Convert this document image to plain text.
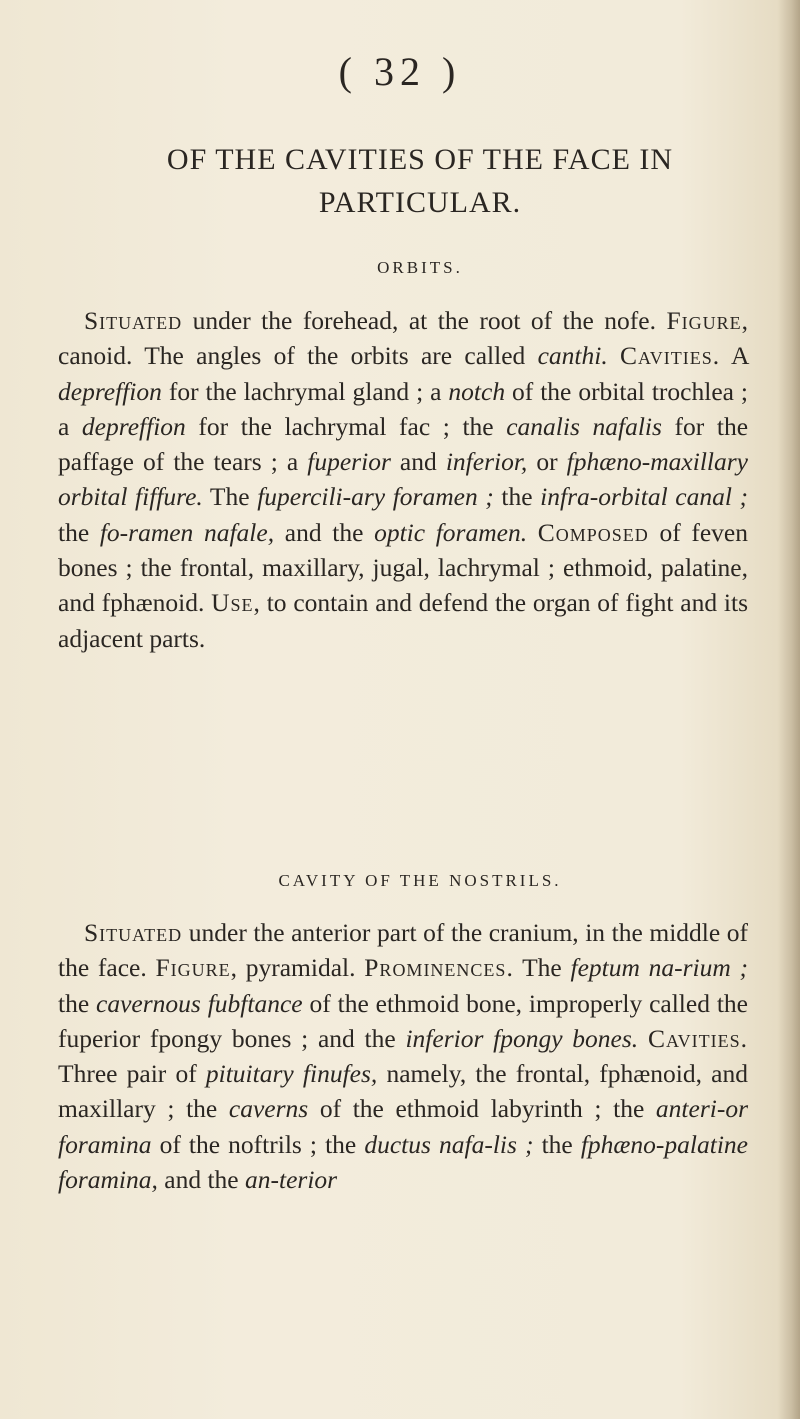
( 32 )
OF THE CAVITIES OF THE FACE IN
PARTICULAR.
ORBITS.

Situated under the forehead, at the root of the nofe. Figure, canoid. The angles of the orbits are called canthi. Cavities. A depreffion for the lachrymal gland ; a notch of the orbital trochlea ; a depreffion for the lachrymal fac ; the canalis nafalis for the paffage of the tears ; a fuperior and inferior, or fphæno-maxillary orbital fiffure. The fupercili-ary foramen ; the infra-orbital canal ; the fo-ramen nafale, and the optic foramen. Composed of feven bones ; the frontal, maxillary, jugal, lachrymal ; ethmoid, palatine, and fphænoid. Use, to contain and defend the organ of fight and its adjacent parts.

CAVITY OF THE NOSTRILS.

Situated under the anterior part of the cranium, in the middle of the face. Figure, pyramidal. Prominences. The feptum na-rium ; the cavernous fubftance of the ethmoid bone, improperly called the fuperior fpongy bones ; and the inferior fpongy bones. Cavities. Three pair of pituitary finufes, namely, the frontal, fphænoid, and maxillary ; the caverns of the ethmoid labyrinth ; the anteri-or foramina of the noftrils ; the ductus nafa-lis ; the fphæno-palatine foramina, and the an-terior
